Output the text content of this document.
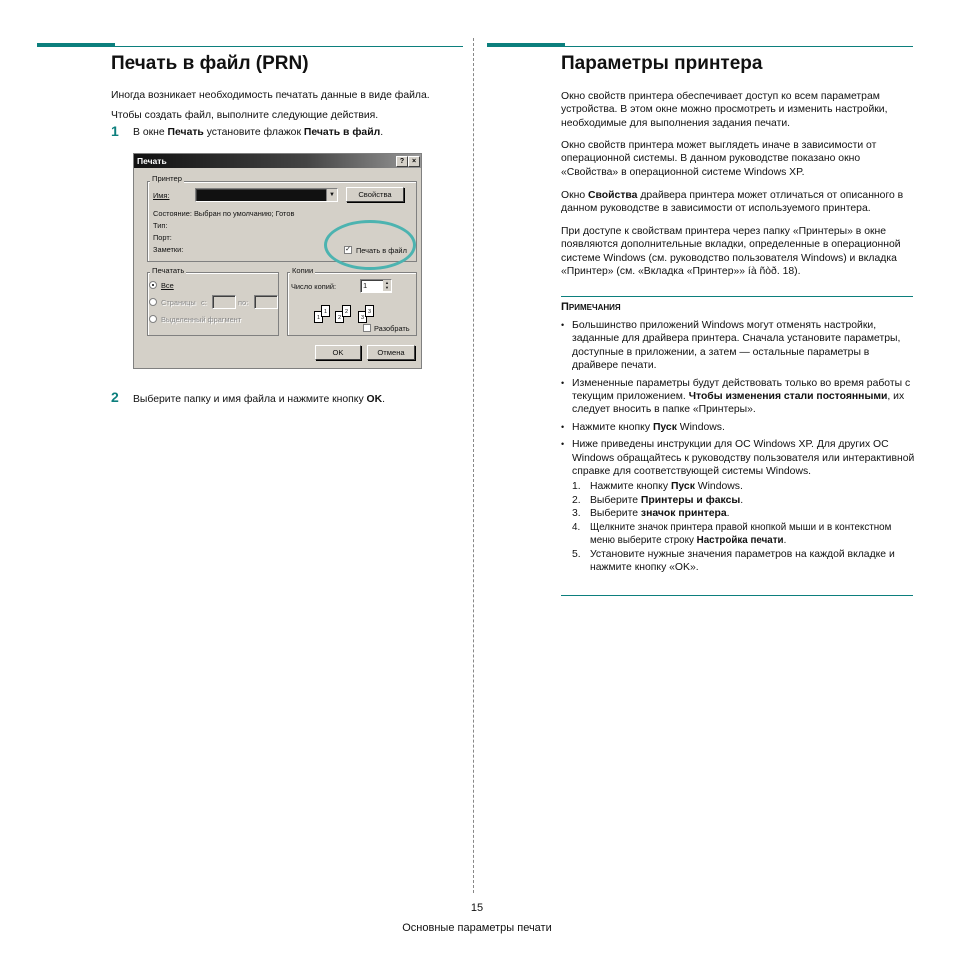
Печать в файл (PRN)
Иногда возникает необходимость печатать данные в виде файла.
Чтобы создать файл, выполните следующие действия.
1 В окне Печать установите флажок Печать в файл.
Печать	?	×
Принтер
Имя:	▼	Свойства
Состояние: Выбран по умолчанию; Готов
Тип:
Порт:
Заметки:	✓ Печать в файл
Печатать
Все
Страницы с:	по:
Выделенный фрагмент
Копии
Число копий:	1	▲
▼
1
1
2
2
3
3
Разобрать
OK	Отмена
2 Выберите папку и имя файла и нажмите кнопку OK.
Параметры принтера
Окно свойств принтера обеспечивает доступ ко всем параметрам устройства. В этом окне можно просмотреть и изменить настройки, необходимые для выполнения задания печати.
Окно свойств принтера может выглядеть иначе в зависимости от операционной системы. В данном руководстве показано окно «Свойства» в операционной системе Windows XP.
Окно Свойства драйвера принтера может отличаться от описанного в данном руководстве в зависимости от используемого принтера.
При доступе к свойствам принтера через папку «Принтеры» в окне появляются дополнительные вкладки, определенные в операционной системе Windows (см. руководство пользователя Windows) и вкладка «Принтер» (см. «Вкладка «Принтер»» íà ñòð. 18).
Примечания
• Большинство приложений Windows могут отменять настройки, заданные для драйвера принтера. Сначала установите параметры, доступные в приложении, а затем — остальные параметры в драйвере печати.
• Измененные параметры будут действовать только во время работы с текущим приложением. Чтобы изменения стали постоянными, их следует вносить в папке «Принтеры».
• Нажмите кнопку Пуск Windows.
• Ниже приведены инструкции для ОС Windows XP. Для других ОС Windows обращайтесь к руководству пользователя или интерактивной справке для соответствующей системы Windows.
1. Нажмите кнопку Пуск Windows.
2. Выберите Принтеры и факсы.
3. Выберите значок принтера.
4. Щелкните значок принтера правой кнопкой мыши и в контекстном меню выберите строку Настройка печати.
5. Установите нужные значения параметров на каждой вкладке и нажмите кнопку «OK».
15
Основные параметры печати
